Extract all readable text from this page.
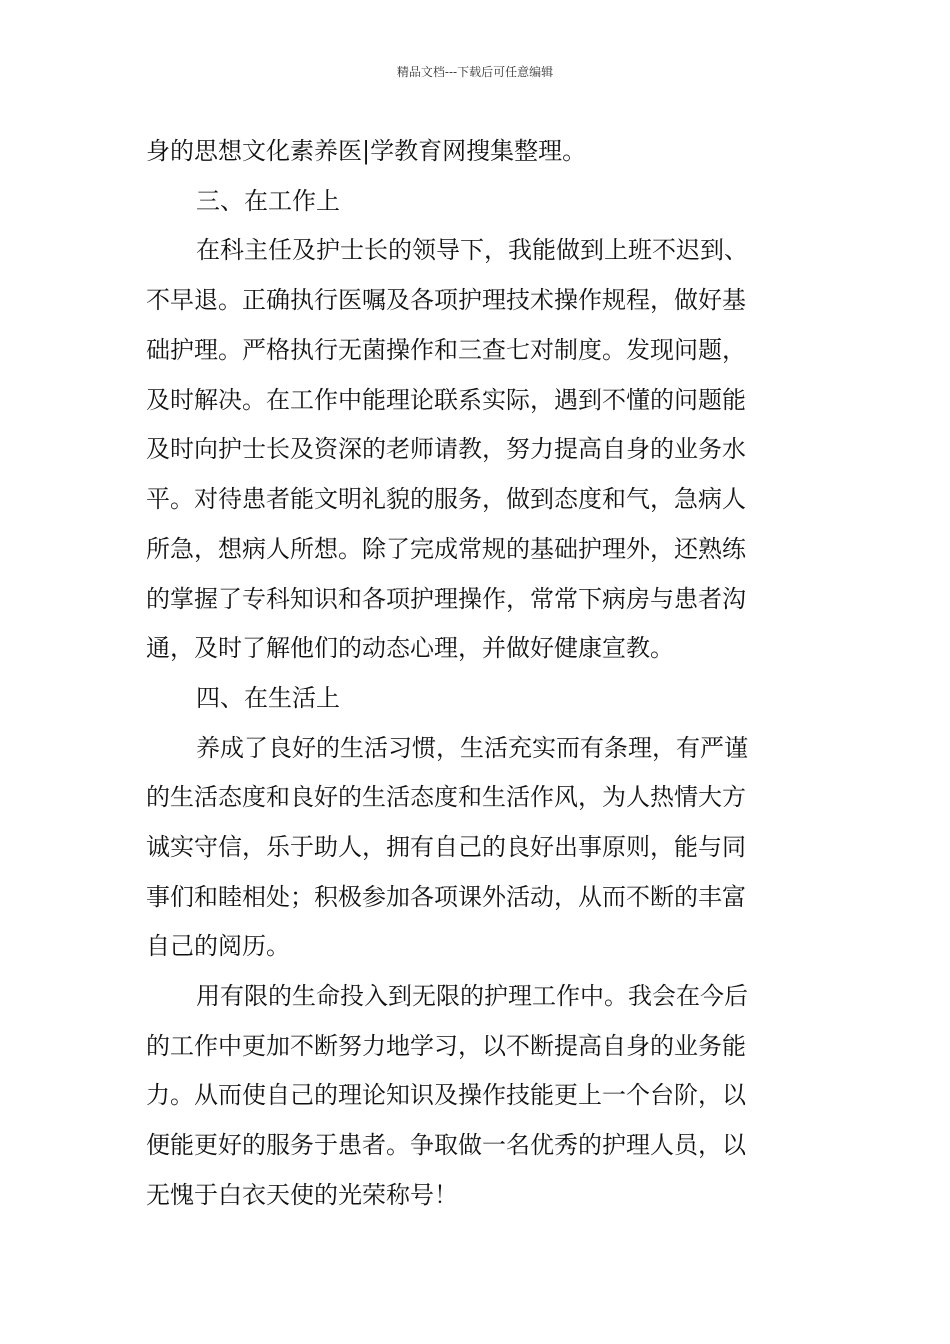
精品文档---下载后可任意编辑
身的思想文化素养医|学教育网搜集整理。
三、在工作上
在科主任及护士长的领导下，我能做到上班不迟到、
不早退。正确执行医嘱及各项护理技术操作规程，做好基
础护理。严格执行无菌操作和三查七对制度。发现问题，
及时解决。在工作中能理论联系实际，遇到不懂的问题能
及时向护士长及资深的老师请教，努力提高自身的业务水
平。对待患者能文明礼貌的服务，做到态度和气，急病人
所急，想病人所想。除了完成常规的基础护理外，还熟练
的掌握了专科知识和各项护理操作，常常下病房与患者沟
通，及时了解他们的动态心理，并做好健康宣教。
四、在生活上
养成了良好的生活习惯，生活充实而有条理，有严谨
的生活态度和良好的生活态度和生活作风，为人热情大方
诚实守信，乐于助人，拥有自己的良好出事原则，能与同
事们和睦相处；积极参加各项课外活动，从而不断的丰富
自己的阅历。
用有限的生命投入到无限的护理工作中。我会在今后
的工作中更加不断努力地学习，以不断提高自身的业务能
力。从而使自己的理论知识及操作技能更上一个台阶，以
便能更好的服务于患者。争取做一名优秀的护理人员，以
无愧于白衣天使的光荣称号！
